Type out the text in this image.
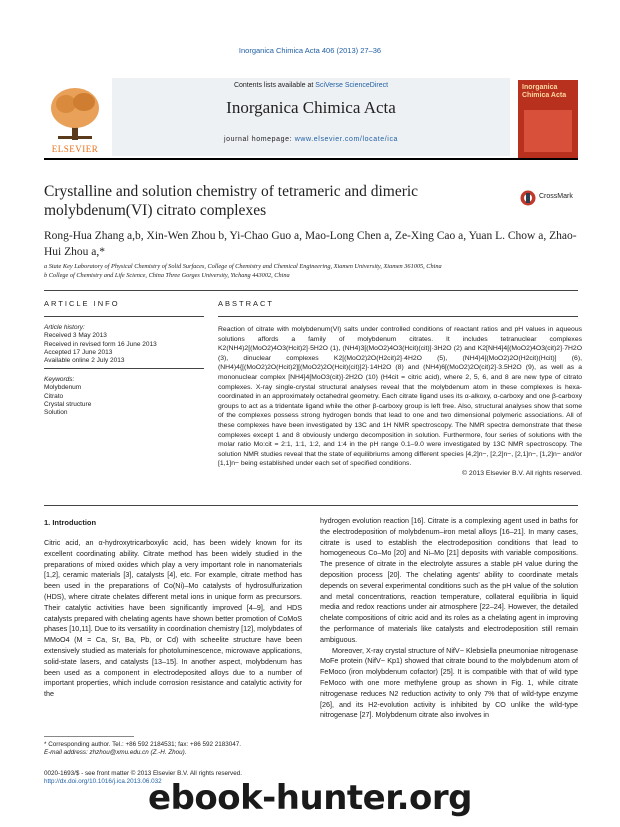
Inorganica Chimica Acta 406 (2013) 27–36
ELSEVIER
Contents lists available at SciVerse ScienceDirect
Inorganica Chimica Acta
journal homepage: www.elsevier.com/locate/ica
Inorganica Chimica Acta
Crystalline and solution chemistry of tetrameric and dimeric molybdenum(VI) citrato complexes
CrossMark
Rong-Hua Zhang a,b, Xin-Wen Zhou b, Yi-Chao Guo a, Mao-Long Chen a, Ze-Xing Cao a, Yuan L. Chow a, Zhao-Hui Zhou a,*
a State Key Laboratory of Physical Chemistry of Solid Surfaces, College of Chemistry and Chemical Engineering, Xiamen University, Xiamen 361005, China
b College of Chemistry and Life Science, China Three Gorges University, Yichang 443002, China
ARTICLE INFO	ABSTRACT
Article history:
Received 3 May 2013
Received in revised form 16 June 2013
Accepted 17 June 2013
Available online 2 July 2013
Keywords:
Molybdenum
Citrato
Crystal structure
Solution
Reaction of citrate with molybdenum(VI) salts under controlled conditions of reactant ratios and pH values in aqueous solutions affords a family of molybdenum citrates. It includes tetranuclear complexes K2(NH4)2[(MoO2)4O3(Hcit)2]·5H2O (1), (NH4)3[(MoO2)4O3(Hcit)(cit)]·3H2O (2) and K2[NH4]4[(MoO2)4O3(cit)2]·7H2O (3), dinuclear complexes K2[(MoO2)2O(H2cit)2]·4H2O (5), (NH4)4[(MoO2)2O(H2cit)(Hcit)] (6), (NH4)4{[(MoO2)2O(Hcit)2][(MoO2)2O(Hcit)(cit)]2}·14H2O (8) and (NH4)6[(MoO2)2O(cit)2]·3.5H2O (9), as well as a mononuclear complex [NH4]4[MoO3(cit)]·2H2O (10) (H4cit = citric acid), where 2, 5, 6, and 8 are new type of citrato complexes. X-ray single-crystal structural analyses reveal that the molybdenum atom in these complexes is hexa-coordinated in an approximately octahedral geometry. Each citrate ligand uses its α-alkoxy, α-carboxy and one β-carboxy groups to act as a tridentate ligand while the other β-carboxy group is left free. Also, structural analyses show that some of the complexes possess strong hydrogen bonds that lead to one and two dimensional polymeric associations. All of these complexes have been investigated by 13C and 1H NMR spectroscopy. The NMR spectra demonstrate that these complexes except 1 and 8 obviously undergo decomposition in solution. Furthermore, four series of solutions with the molar ratio Mo:cit = 2:1, 1:1, 1:2, and 1:4 in the pH range 0.1–9.0 were investigated by 13C NMR spectroscopy. The solution NMR studies reveal that the state of equilibriums among different species [4,2]n−, [2,2]n−, [2,1]n−, [1,2]n− and/or [1,1]n− being established under each set of specified conditions.
© 2013 Elsevier B.V. All rights reserved.
1. Introduction
Citric acid, an α-hydroxytricarboxylic acid, has been widely known for its excellent coordinating ability. Citrate method has been widely studied in the preparations of mixed oxides which play a very important role in nanomaterials [1,2], ceramic materials [3], catalysts [4], etc. For example, citrate method has been used in the preparations of Co(Ni)–Mo catalysts of hydrosulfurization (HDS), where citrate chelates different metal ions in unique form as precursors. Their catalytic activities have been significantly improved [4–9], and HDS catalysts prepared with chelating agents have shown better promotion of CoMoS phases [10,11]. Due to its versatility in coordination chemistry [12], molybdates of MMoO4 (M = Ca, Sr, Ba, Pb, or Cd) with scheelite structure have been extensively studied as materials for photoluminescence, microwave applications, solid-state lasers, and catalysts [13–15]. In another aspect, molybdenum has been used as a component in electrodeposited alloys due to a number of important properties, which include corrosion resistance and catalytic activity for the
hydrogen evolution reaction [16]. Citrate is a complexing agent used in baths for the electrodeposition of molybdenum–iron metal alloys [16–21]. In many cases, citrate is used to establish the electrodeposition conditions that lead to homogeneous Co–Mo [20] and Ni–Mo [21] deposits with variable compositions. The presence of citrate in the electrolyte assures a stable pH value during the deposition process [20]. The chelating agents' ability to coordinate metals depends on several experimental conditions such as the pH value of the solution and metal concentrations, reaction temperature, collateral equilibria in liquid media and redox reactions under air atmosphere [22–24]. However, the detailed chelate compositions of citric acid and its roles as a chelating agent in improving the performance of materials like catalysts and electrodeposition still remain ambiguous.
Moreover, X-ray crystal structure of NifV− Klebsiella pneumoniae nitrogenase MoFe protein (NifV− Kp1) showed that citrate bound to the molybdenum atom of FeMoco (iron molybdenum cofactor) [25]. It is compatible with that of wild type FeMoco with one more methylene group as shown in Fig. 1, while citrate nitrogenase reduces N2 reduction activity to only 7% that of wild-type enzyme [26], and its H2-evolution activity is inhibited by CO unlike the wild-type nitrogenase [27]. Molybdenum citrate also involves in
* Corresponding author. Tel.: +86 592 2184531; fax: +86 592 2183047.
E-mail address: zhzhou@xmu.edu.cn (Z.-H. Zhou).
0020-1693/$ - see front matter © 2013 Elsevier B.V. All rights reserved.
http://dx.doi.org/10.1016/j.ica.2013.06.032
ebook-hunter.org
